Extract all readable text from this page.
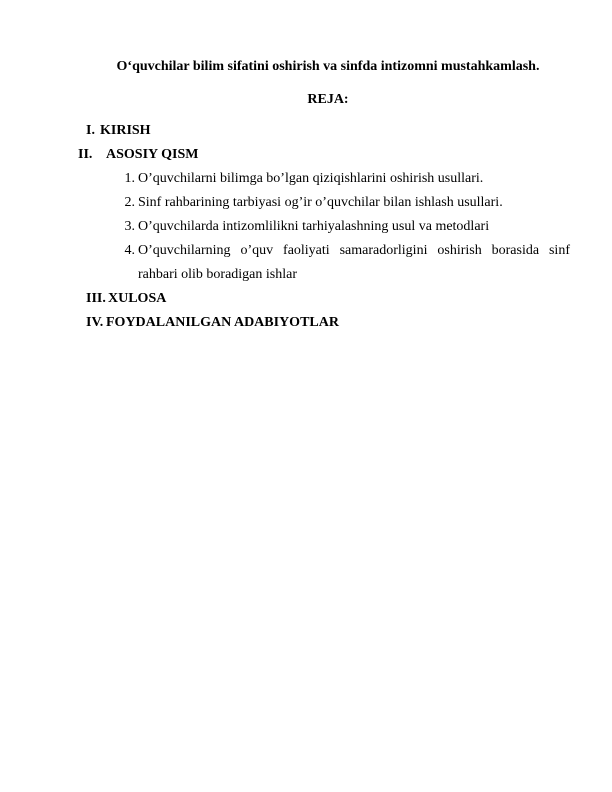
O‘quvchilar bilim sifatini oshirish va sinfda intizomni mustahkamlash.
REJA:
I. KIRISH
II. ASOSIY QISM
1. O’quvchilarni bilimga bo’lgan qiziqishlarini oshirish usullari.
2. Sinf rahbarining tarbiyasi og’ir o’quvchilar bilan ishlash usullari.
3. O’quvchilarda intizomlilikni tarhiyalashning usul va metodlari
4. O’quvchilarning o’quv faoliyati samaradorligini oshirish borasida sinf rahbari olib boradigan ishlar
III. XULOSA
IV. FOYDALANILGAN ADABIYOTLAR
